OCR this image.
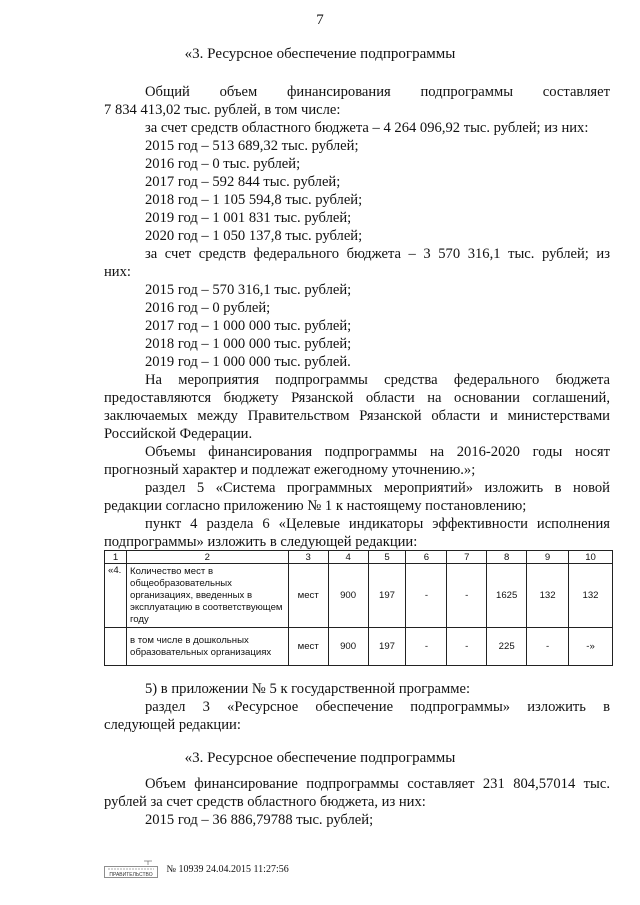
7
«3. Ресурсное обеспечение подпрограммы
Общий объем финансирования подпрограммы составляет
7 834 413,02 тыс. рублей, в том числе:
за счет средств областного бюджета – 4 264 096,92 тыс. рублей; из них:
2015 год – 513 689,32 тыс. рублей;
2016 год – 0 тыс. рублей;
2017 год – 592 844 тыс. рублей;
2018 год – 1 105 594,8 тыс. рублей;
2019 год – 1 001 831 тыс. рублей;
2020 год – 1 050 137,8 тыс. рублей;
за счет средств федерального бюджета – 3 570 316,1 тыс. рублей; из
них:
2015 год – 570 316,1 тыс. рублей;
2016 год – 0 рублей;
2017 год – 1 000 000 тыс. рублей;
2018 год – 1 000 000 тыс. рублей;
2019 год – 1 000 000 тыс. рублей.
На мероприятия подпрограммы средства федерального бюджета
предоставляются бюджету Рязанской области на основании соглашений,
заключаемых между Правительством Рязанской области и министерствами
Российской Федерации.
Объемы финансирования подпрограммы на 2016-2020 годы носят
прогнозный характер и подлежат ежегодному уточнению.»;
раздел 5 «Система программных мероприятий» изложить в новой
редакции согласно приложению № 1 к настоящему постановлению;
пункт 4 раздела 6 «Целевые индикаторы эффективности исполнения
подпрограммы» изложить в следующей редакции:
1	2	3	4	5	6	7	8	9	10
«4.	Количество мест в общеобразовательных организациях, введенных в эксплуатацию в соответствующем году	мест	900	197	-	-	1625	132	132
	в том числе в дошкольных образовательных организациях	мест	900	197	-	-	225	-	-»
5) в приложении № 5 к государственной программе:
раздел 3 «Ресурсное обеспечение подпрограммы» изложить в
следующей редакции:
«3. Ресурсное обеспечение подпрограммы
Объем финансирование подпрограммы составляет 231 804,57014 тыс.
рублей за счет средств областного бюджета, из них:
2015 год – 36 886,79788 тыс. рублей;
ПРАВИТЕЛЬСТВО
№ 10939 24.04.2015 11:27:56
